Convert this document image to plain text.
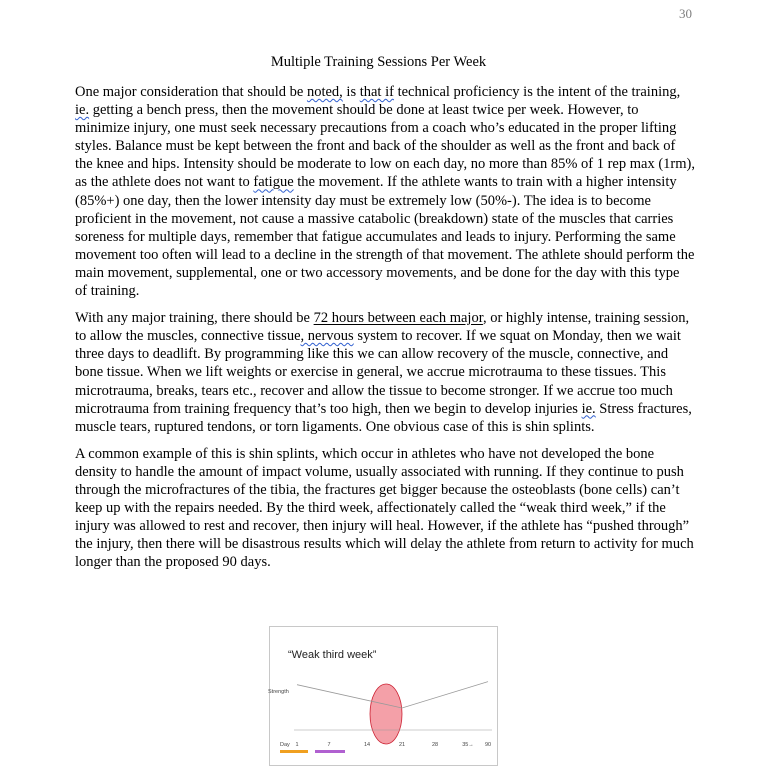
30
Multiple Training Sessions Per Week

One major consideration that should be noted, is that if technical proficiency is the intent of the training, ie. getting a bench press, then the movement should be done at least twice per week. However, to minimize injury, one must seek necessary precautions from a coach who’s educated in the proper lifting styles. Balance must be kept between the front and back of the shoulder as well as the front and back of the knee and hips. Intensity should be moderate to low on each day, no more than 85% of 1 rep max (1rm), as the athlete does not want to fatigue the movement. If the athlete wants to train with a higher intensity (85%+) one day, then the lower intensity day must be extremely low (50%-). The idea is to become proficient in the movement, not cause a massive catabolic (breakdown) state of the muscles that carries soreness for multiple days, remember that fatigue accumulates and leads to injury. Performing the same movement too often will lead to a decline in the strength of that movement. The athlete should perform the main movement, supplemental, one or two accessory movements, and be done for the day with this type of training.

With any major training, there should be 72 hours between each major, or highly intense, training session, to allow the muscles, connective tissue, nervous system to recover. If we squat on Monday, then we wait three days to deadlift. By programming like this we can allow recovery of the muscle, connective, and bone tissue. When we lift weights or exercise in general, we accrue microtrauma to these tissues. This microtrauma, breaks, tears etc., recover and allow the tissue to become stronger. If we accrue too much microtrauma from training frequency that’s too high, then we begin to develop injuries ie. Stress fractures, muscle tears, ruptured tendons, or torn ligaments. One obvious case of this is shin splints.

A common example of this is shin splints, which occur in athletes who have not developed the bone density to handle the amount of impact volume, usually associated with running. If they continue to push through the microfractures of the tibia, the fractures get bigger because the osteoblasts (bone cells) can’t keep up with the repairs needed. By the third week, affectionately called the “weak third week,” if the injury was allowed to rest and recover, then injury will heal. However, if the athlete has “pushed through” the injury, then there will be disastrous results which will delay the athlete from return to activity for much longer than the proposed 90 days.

“Weak third week”
Strength
Day 1	7	14	21	28	35→ 90
